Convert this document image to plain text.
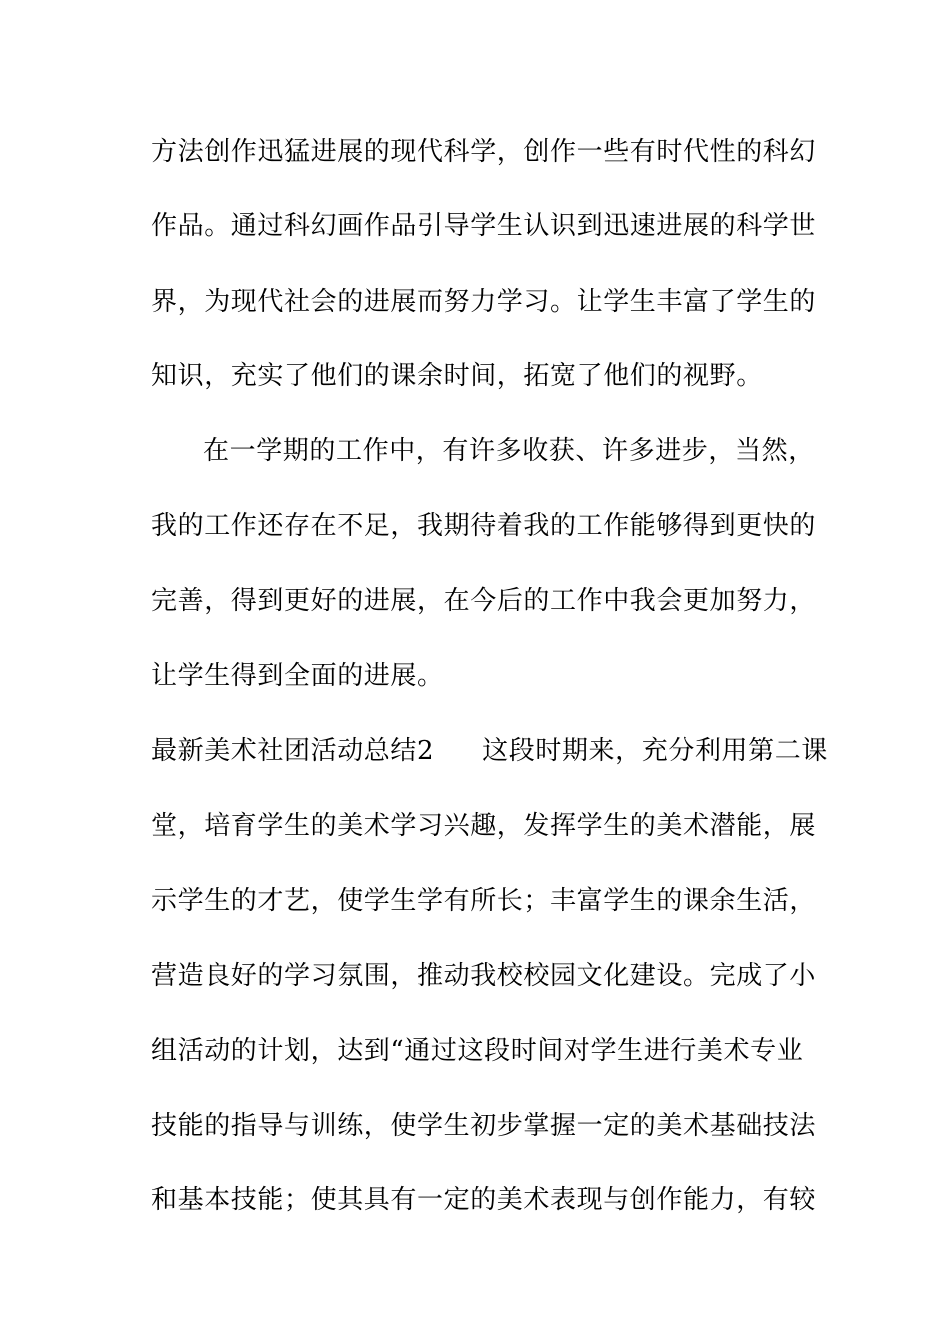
方法创作迅猛进展的现代科学，创作一些有时代性的科幻
作品。通过科幻画作品引导学生认识到迅速进展的科学世
界，为现代社会的进展而努力学习。让学生丰富了学生的
知识，充实了他们的课余时间，拓宽了他们的视野。
在一学期的工作中，有许多收获、许多进步，当然，
我的工作还存在不足，我期待着我的工作能够得到更快的
完善，得到更好的进展，在今后的工作中我会更加努力，
让学生得到全面的进展。
最新美术社团活动总结2 这段时期来，充分利用第二课
堂，培育学生的美术学习兴趣，发挥学生的美术潜能，展
示学生的才艺，使学生学有所长；丰富学生的课余生活，
营造良好的学习氛围，推动我校校园文化建设。完成了小
组活动的计划，达到“通过这段时间对学生进行美术专业
技能的指导与训练，使学生初步掌握一定的美术基础技法
和基本技能；使其具有一定的美术表现与创作能力，有较
